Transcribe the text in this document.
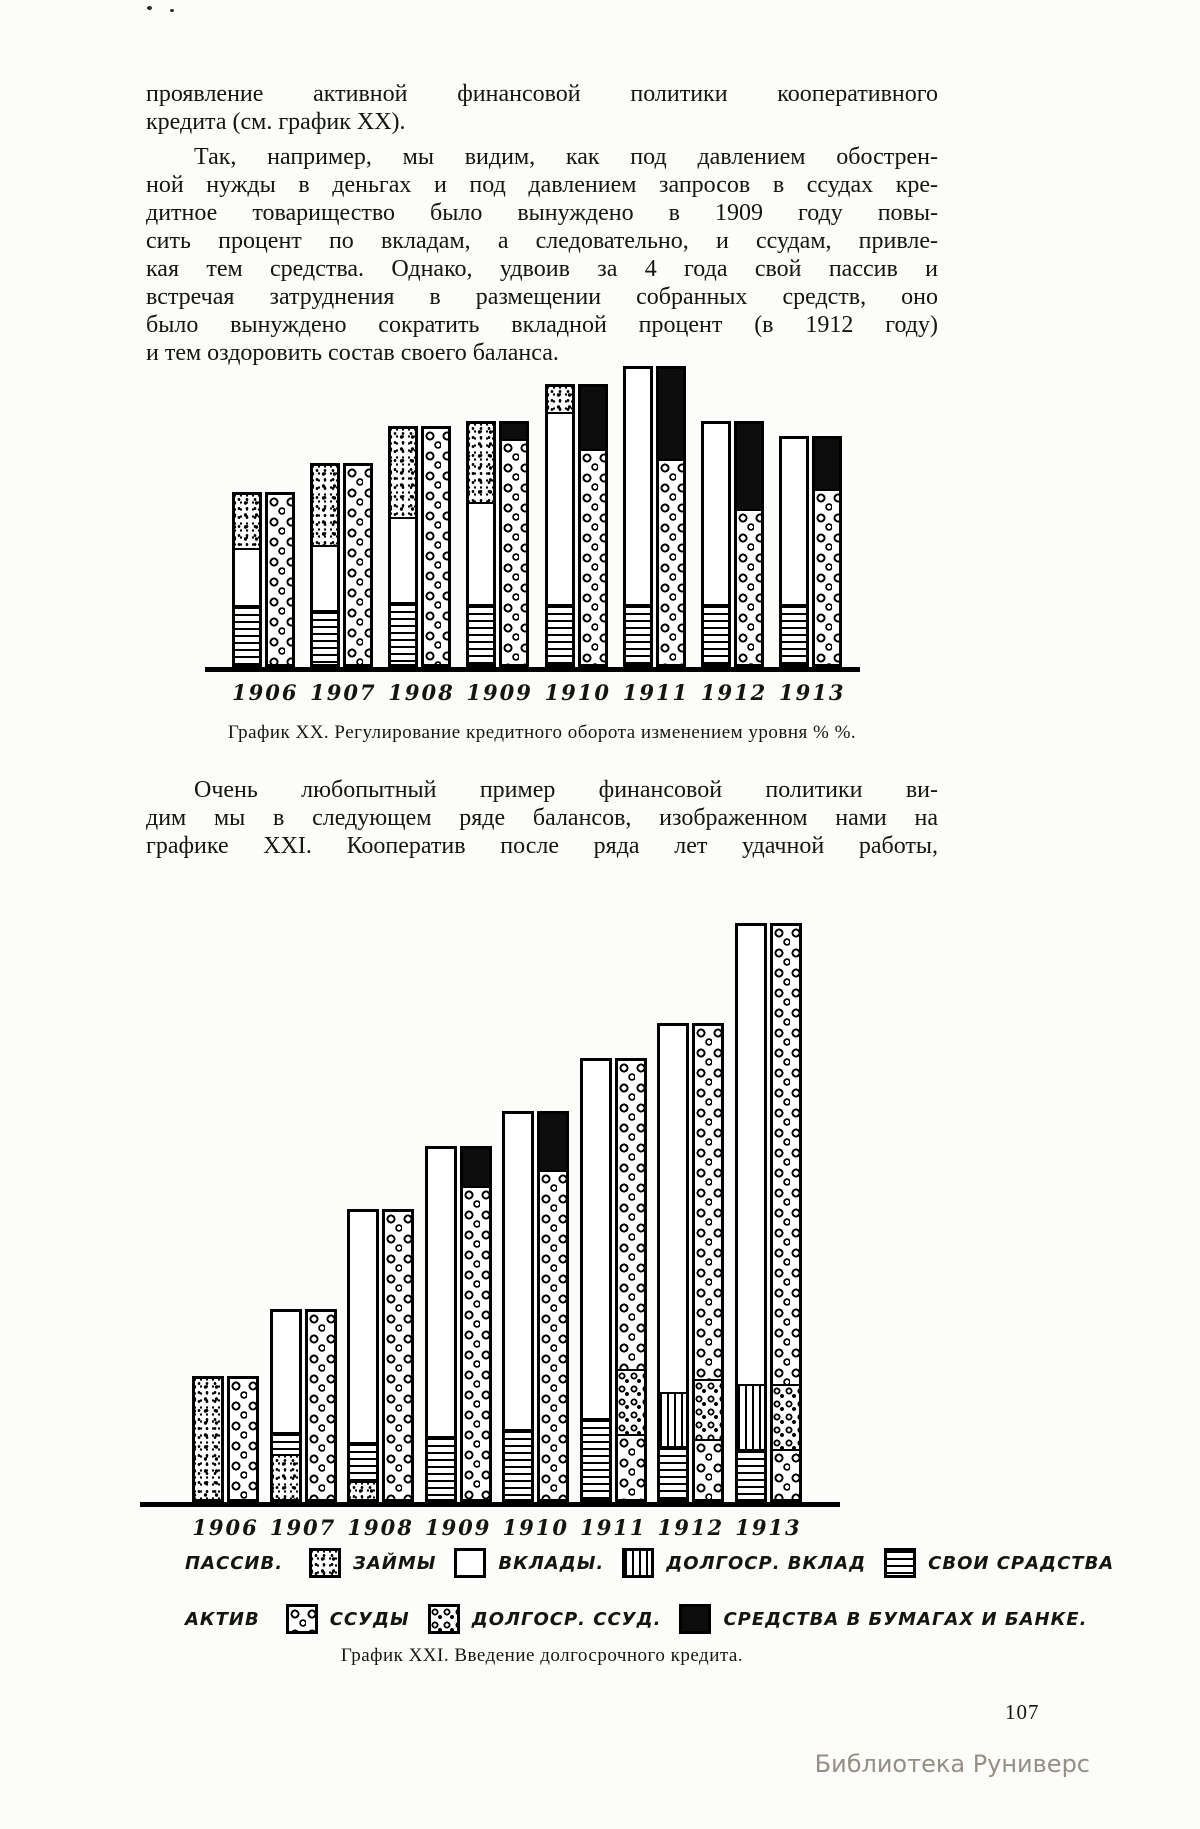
проявление активной финансовой политики кооперативного
кредита (см. график XX).
Так, например, мы видим, как под давлением обострен-
ной нужды в деньгах и под давлением запросов в ссудах кре-
дитное товарищество было вынуждено в 1909 году повы-
сить процент по вкладам, а следовательно, и ссудам, привле-
кая тем средства. Однако, удвоив за 4 года свой пассив и
встречая затруднения в размещении собранных средств, оно
было вынуждено сократить вкладной процент (в 1912 году)
и тем оздоровить состав своего баланса.
1906 1907 1908 1909 1910 1911 1912 1913
График XX. Регулирование кредитного оборота изменением уровня % %.
Очень любопытный пример финансовой политики ви-
дим мы в следующем ряде балансов, изображенном нами на
графике XXI. Кооператив после ряда лет удачной работы,
1906 1907 1908 1909 1910 1911 1912 1913
ПАССИВ.	ЗАЙМЫ	ВКЛАДЫ.	ДОЛГОСР. ВКЛАД	СВОИ СРАДСТВА
АКТИВ	ССУДЫ	ДОЛГОСР. ССУД.	СРЕДСТВА В БУМАГАХ И БАНКЕ.
График XXI. Введение долгосрочного кредита.
107
Библиотека Руниверс
